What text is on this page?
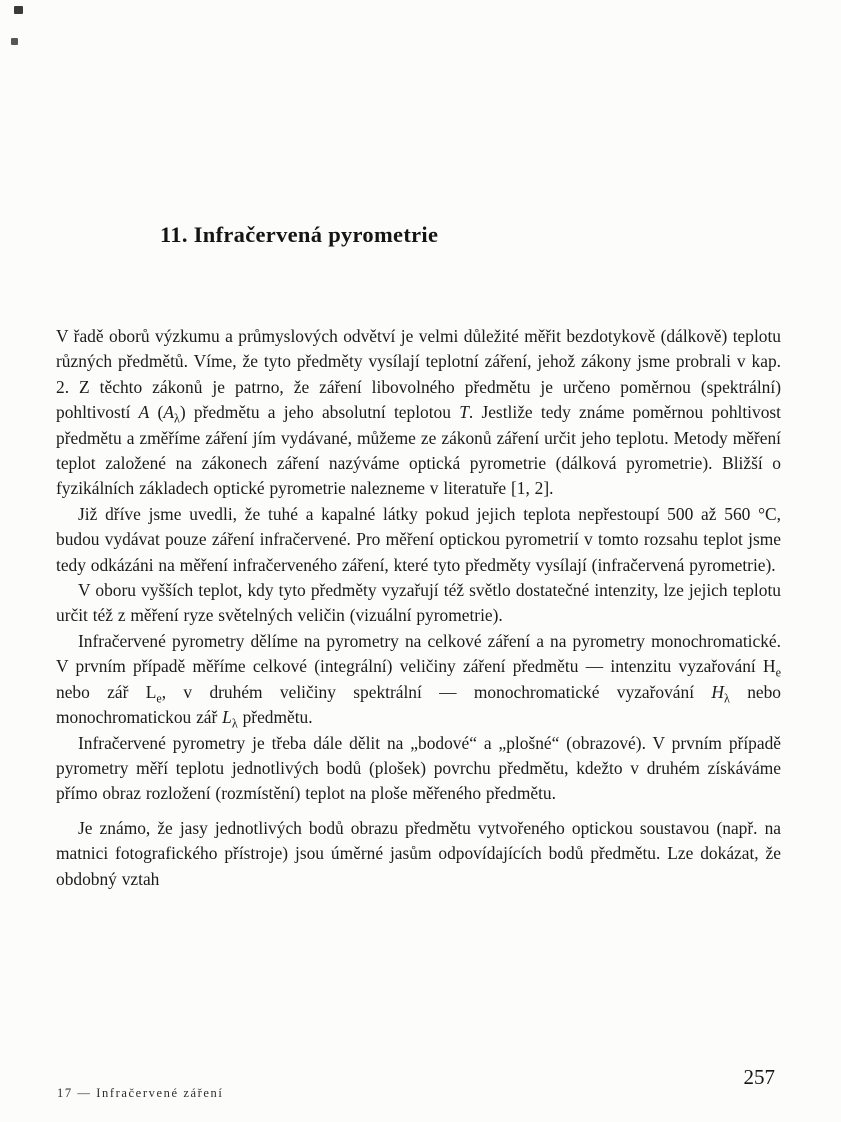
11. Infračervená pyrometrie

V řadě oborů výzkumu a průmyslových odvětví je velmi důležité měřit bezdotykově (dálkově) teplotu různých předmětů. Víme, že tyto předměty vysílají teplotní záření, jehož zákony jsme probrali v kap. 2. Z těchto zákonů je patrno, že záření libovolného předmětu je určeno poměrnou (spektrální) pohltivostí A $(A_\lambda)$ předmětu a jeho absolutní teplotou T. Jestliže tedy známe poměrnou pohltivost předmětu a změříme záření jím vydávané, můžeme ze zákonů záření určit jeho teplotu. Metody měření teplot založené na zákonech záření nazýváme optická pyrometrie (dálková pyrometrie). Bližší o fyzikálních základech optické pyrometrie nalezneme v literatuře [1, 2].

Již dříve jsme uvedli, že tuhé a kapalné látky pokud jejich teplota nepřestoupí 500 až 560 °C, budou vydávat pouze záření infračervené. Pro měření optickou pyrometrií v tomto rozsahu teplot jsme tedy odkázáni na měření infračerveného záření, které tyto předměty vysílají (infračervená pyrometrie).

V oboru vyšších teplot, kdy tyto předměty vyzařují též světlo dostatečné intenzity, lze jejich teplotu určit též z měření ryze světelných veličin (vizuální pyrometrie).

Infračervené pyrometry dělíme na pyrometry na celkové záření a na pyrometry monochromatické. V prvním případě měříme celkové (integrální) veličiny záření předmětu — intenzitu vyzařování $H_e$ nebo zář $L_e$, v druhém veličiny spektrální — monochromatické vyzařování $H_\lambda$ nebo monochromatickou zář $L_\lambda$ předmětu.

Infračervené pyrometry je třeba dále dělit na „bodové“ a „plošné“ (obrazové). V prvním případě pyrometry měří teplotu jednotlivých bodů (plošek) povrchu předmětu, kdežto v druhém získáváme přímo obraz rozložení (rozmístění) teplot na ploše měřeného předmětu.

Je známo, že jasy jednotlivých bodů obrazu předmětu vytvořeného optickou soustavou (např. na matnici fotografického přístroje) jsou úměrné jasům odpovídajících bodů předmětu. Lze dokázat, že obdobný vztah

17 — Infračervené záření
257
